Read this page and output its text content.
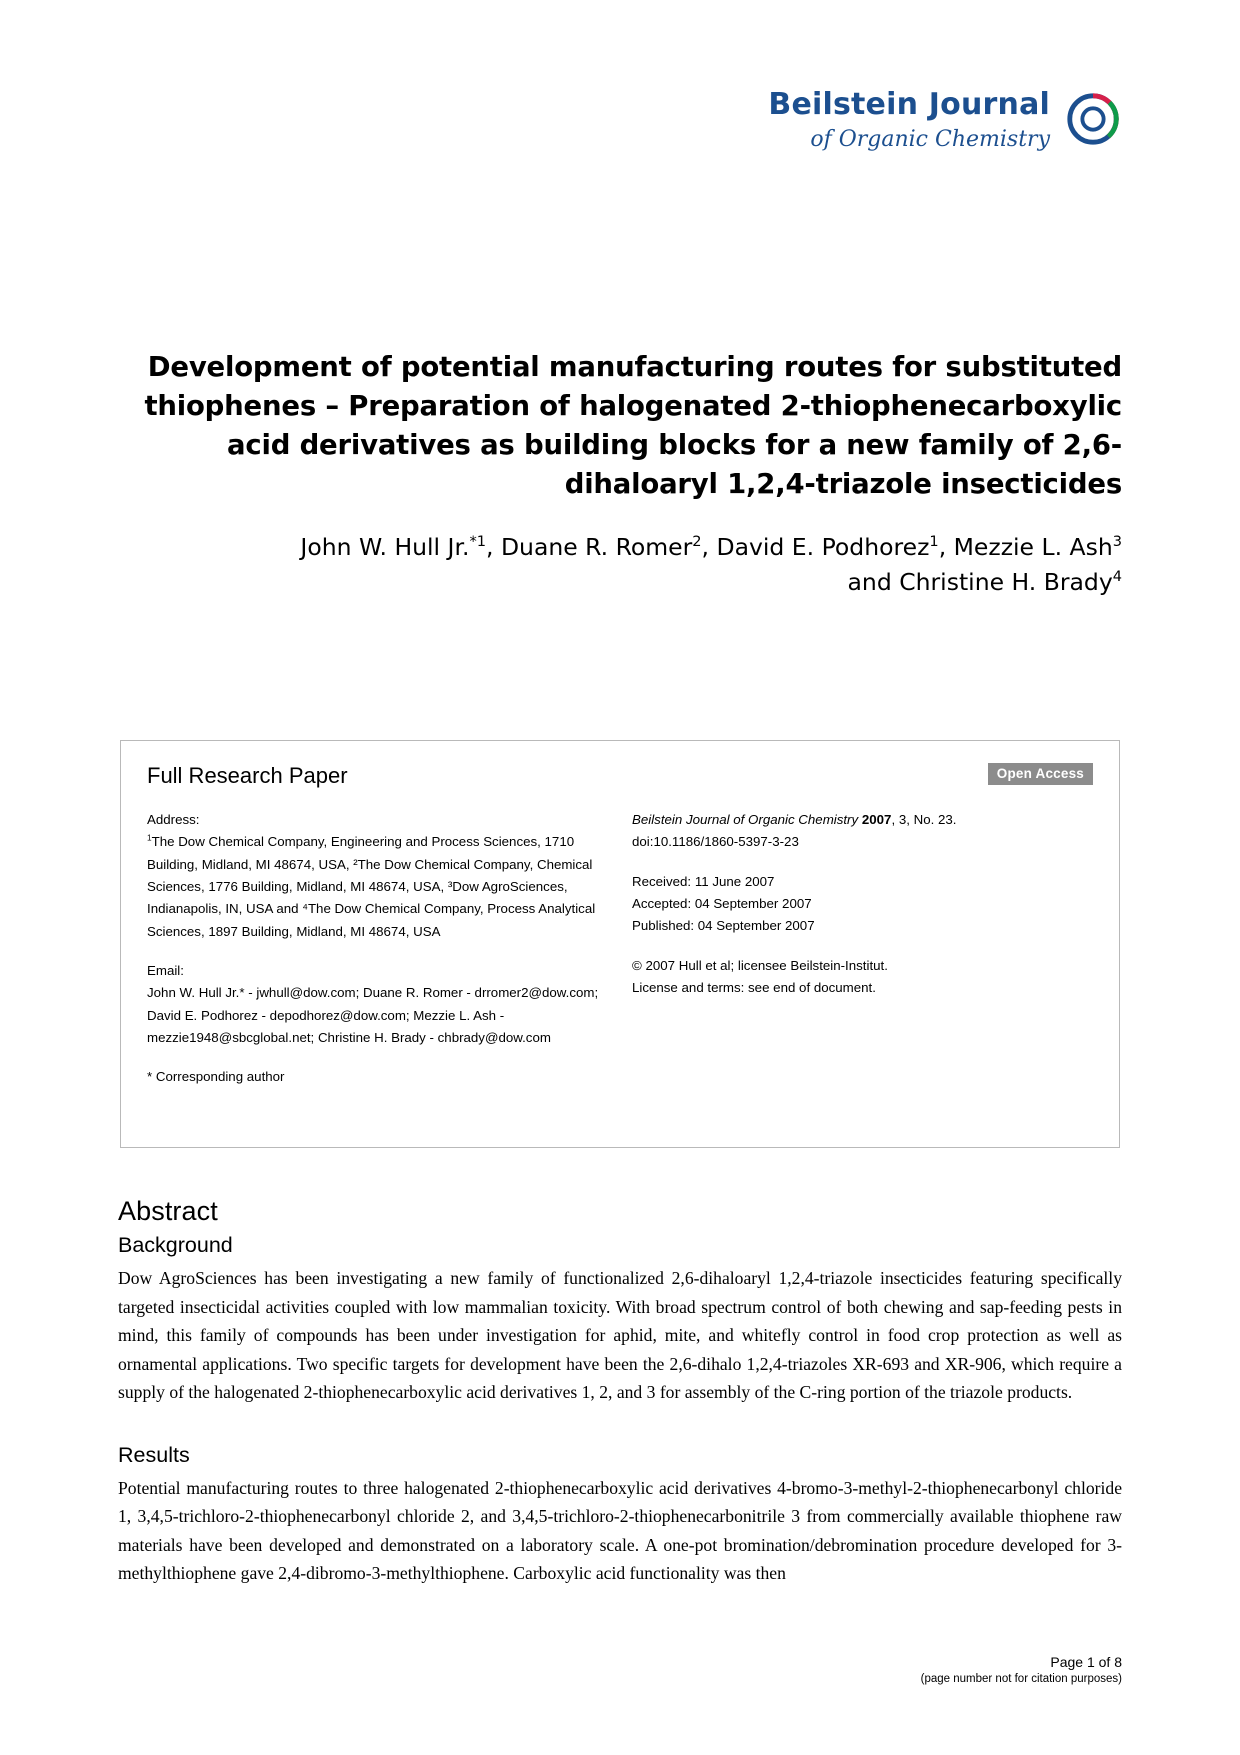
Beilstein Journal
of Organic Chemistry
Development of potential manufacturing routes for substituted thiophenes – Preparation of halogenated 2-thiophenecarboxylic acid derivatives as building blocks for a new family of 2,6-dihaloaryl 1,2,4-triazole insecticides
John W. Hull Jr.$^{*1}$, Duane R. Romer$^2$, David E. Podhorez$^1$, Mezzie L. Ash$^3$
and Christine H. Brady$^4$
Full Research Paper	Open Access
Address:
$^1$The Dow Chemical Company, Engineering and Process Sciences, 1710 Building, Midland, MI 48674, USA, ²The Dow Chemical Company, Chemical Sciences, 1776 Building, Midland, MI 48674, USA, ³Dow AgroSciences, Indianapolis, IN, USA and ⁴The Dow Chemical Company, Process Analytical Sciences, 1897 Building, Midland, MI 48674, USA
Email:
John W. Hull Jr.* - jwhull@dow.com; Duane R. Romer - drromer2@dow.com; David E. Podhorez - depodhorez@dow.com; Mezzie L. Ash - mezzie1948@sbcglobal.net; Christine H. Brady - chbrady@dow.com
* Corresponding author
Beilstein Journal of Organic Chemistry 2007, 3, No. 23.
doi:10.1186/1860-5397-3-23
Received: 11 June 2007
Accepted: 04 September 2007
Published: 04 September 2007
© 2007 Hull et al; licensee Beilstein-Institut.
License and terms: see end of document.
Abstract
Background

Dow AgroSciences has been investigating a new family of functionalized 2,6-dihaloaryl 1,2,4-triazole insecticides featuring specifically targeted insecticidal activities coupled with low mammalian toxicity. With broad spectrum control of both chewing and sap-feeding pests in mind, this family of compounds has been under investigation for aphid, mite, and whitefly control in food crop protection as well as ornamental applications. Two specific targets for development have been the 2,6-dihalo 1,2,4-triazoles XR-693 and XR-906, which require a supply of the halogenated 2-thiophenecarboxylic acid derivatives 1, 2, and 3 for assembly of the C-ring portion of the triazole products.

Results

Potential manufacturing routes to three halogenated 2-thiophenecarboxylic acid derivatives 4-bromo-3-methyl-2-thiophenecarbonyl chloride 1, 3,4,5-trichloro-2-thiophenecarbonyl chloride 2, and 3,4,5-trichloro-2-thiophenecarbonitrile 3 from commercially available thiophene raw materials have been developed and demonstrated on a laboratory scale. A one-pot bromination/debromination procedure developed for 3-methylthiophene gave 2,4-dibromo-3-methylthiophene. Carboxylic acid functionality was then

Page 1 of 8
(page number not for citation purposes)
